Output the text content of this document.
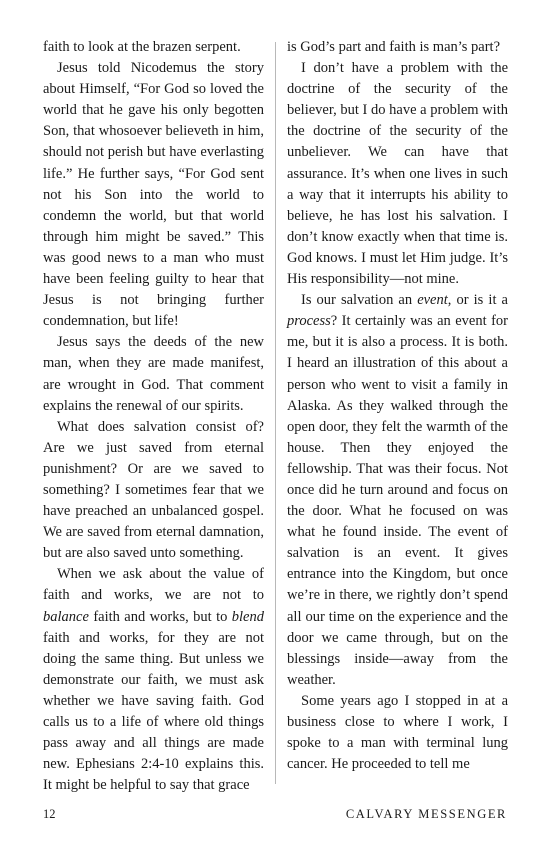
faith to look at the brazen serpent.

Jesus told Nicodemus the story about Himself, “For God so loved the world that he gave his only begotten Son, that whosoever believeth in him, should not perish but have everlasting life.” He further says, “For God sent not his Son into the world to condemn the world, but that world through him might be saved.” This was good news to a man who must have been feeling guilty to hear that Jesus is not bringing further condemnation, but life!

Jesus says the deeds of the new man, when they are made manifest, are wrought in God. That comment explains the renewal of our spirits.

What does salvation consist of? Are we just saved from eternal punishment? Or are we saved to something? I sometimes fear that we have preached an unbalanced gospel. We are saved from eternal damnation, but are also saved unto something.

When we ask about the value of faith and works, we are not to balance faith and works, but to blend faith and works, for they are not doing the same thing. But unless we demonstrate our faith, we must ask whether we have saving faith. God calls us to a life of where old things pass away and all things are made new. Ephesians 2:4-10 explains this. It might be helpful to say that grace

is God’s part and faith is man’s part?

I don’t have a problem with the doctrine of the security of the believer, but I do have a problem with the doctrine of the security of the unbeliever. We can have that assurance. It’s when one lives in such a way that it interrupts his ability to believe, he has lost his salvation. I don’t know exactly when that time is. God knows. I must let Him judge. It’s His responsibility—not mine.

Is our salvation an event, or is it a process? It certainly was an event for me, but it is also a process. It is both. I heard an illustration of this about a person who went to visit a family in Alaska. As they walked through the open door, they felt the warmth of the house. Then they enjoyed the fellowship. That was their focus. Not once did he turn around and focus on the door. What he focused on was what he found inside. The event of salvation is an event. It gives entrance into the Kingdom, but once we’re in there, we rightly don’t spend all our time on the experience and the door we came through, but on the blessings inside—away from the weather.

Some years ago I stopped in at a business close to where I work, I spoke to a man with terminal lung cancer. He proceeded to tell me

12	CALVARY MESSENGER
